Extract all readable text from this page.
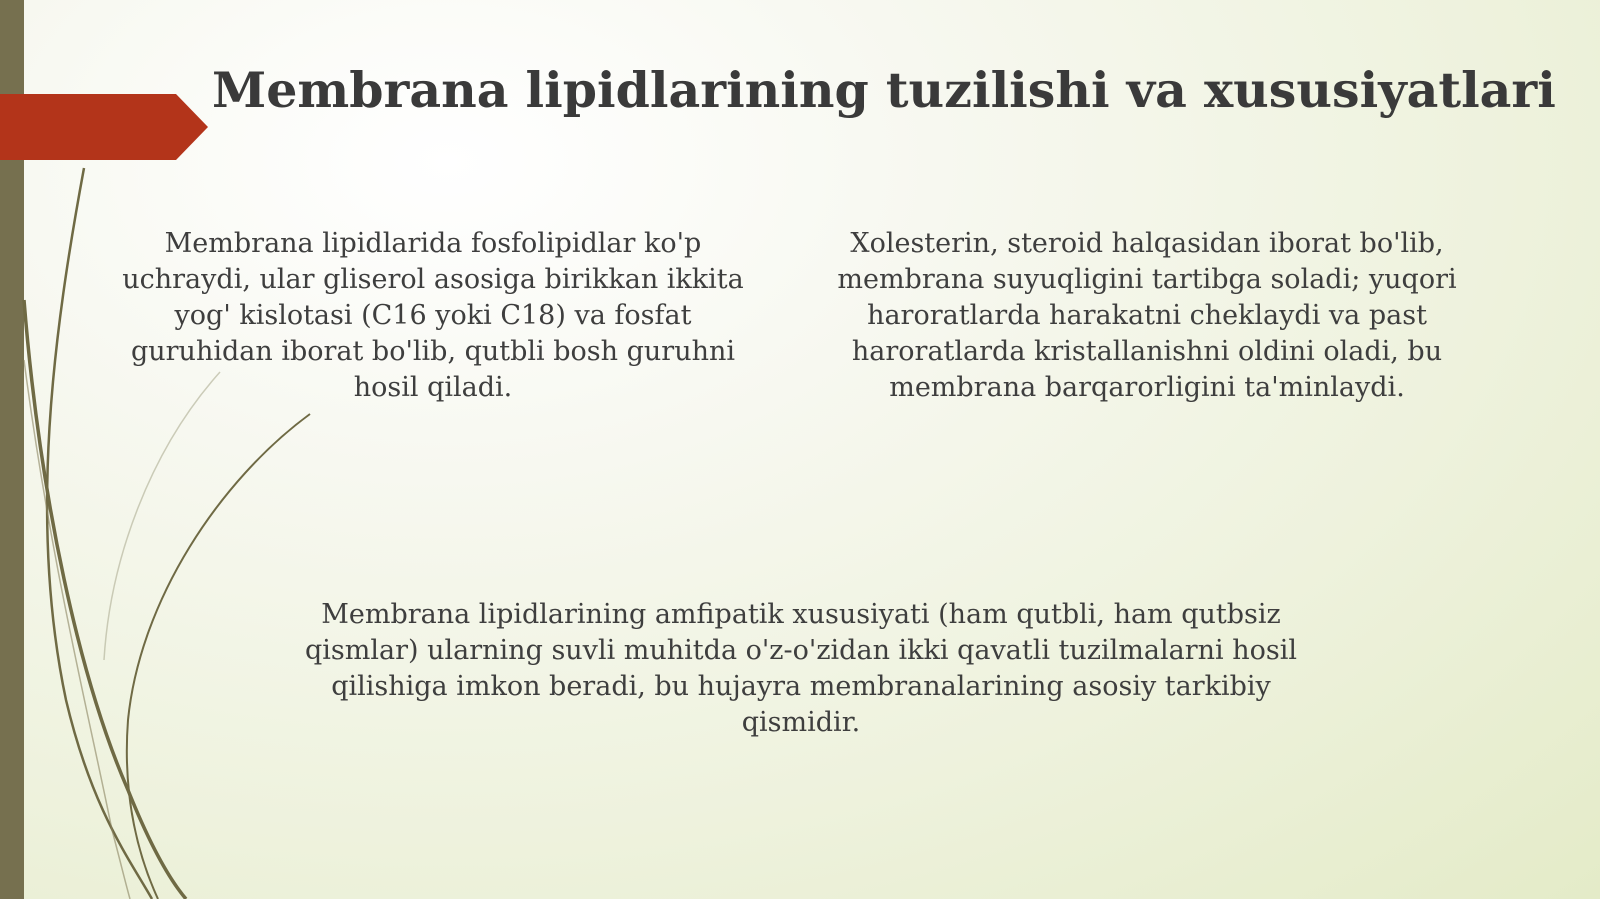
Membrana lipidlarining tuzilishi va xususiyatlari

Membrana lipidlarida fosfolipidlar ko'p uchraydi, ular gliserol asosiga birikkan ikkita yog' kislotasi (C16 yoki C18) va fosfat guruhidan iborat bo'lib, qutbli bosh guruhni hosil qiladi.

Xolesterin, steroid halqasidan iborat bo'lib, membrana suyuqligini tartibga soladi; yuqori haroratlarda harakatni cheklaydi va past haroratlarda kristallanishni oldini oladi, bu membrana barqarorligini ta'minlaydi.

Membrana lipidlarining amfipatik xususiyati (ham qutbli, ham qutbsiz qismlar) ularning suvli muhitda o'z-o'zidan ikki qavatli tuzilmalarni hosil qilishiga imkon beradi, bu hujayra membranalarining asosiy tarkibiy qismidir.
